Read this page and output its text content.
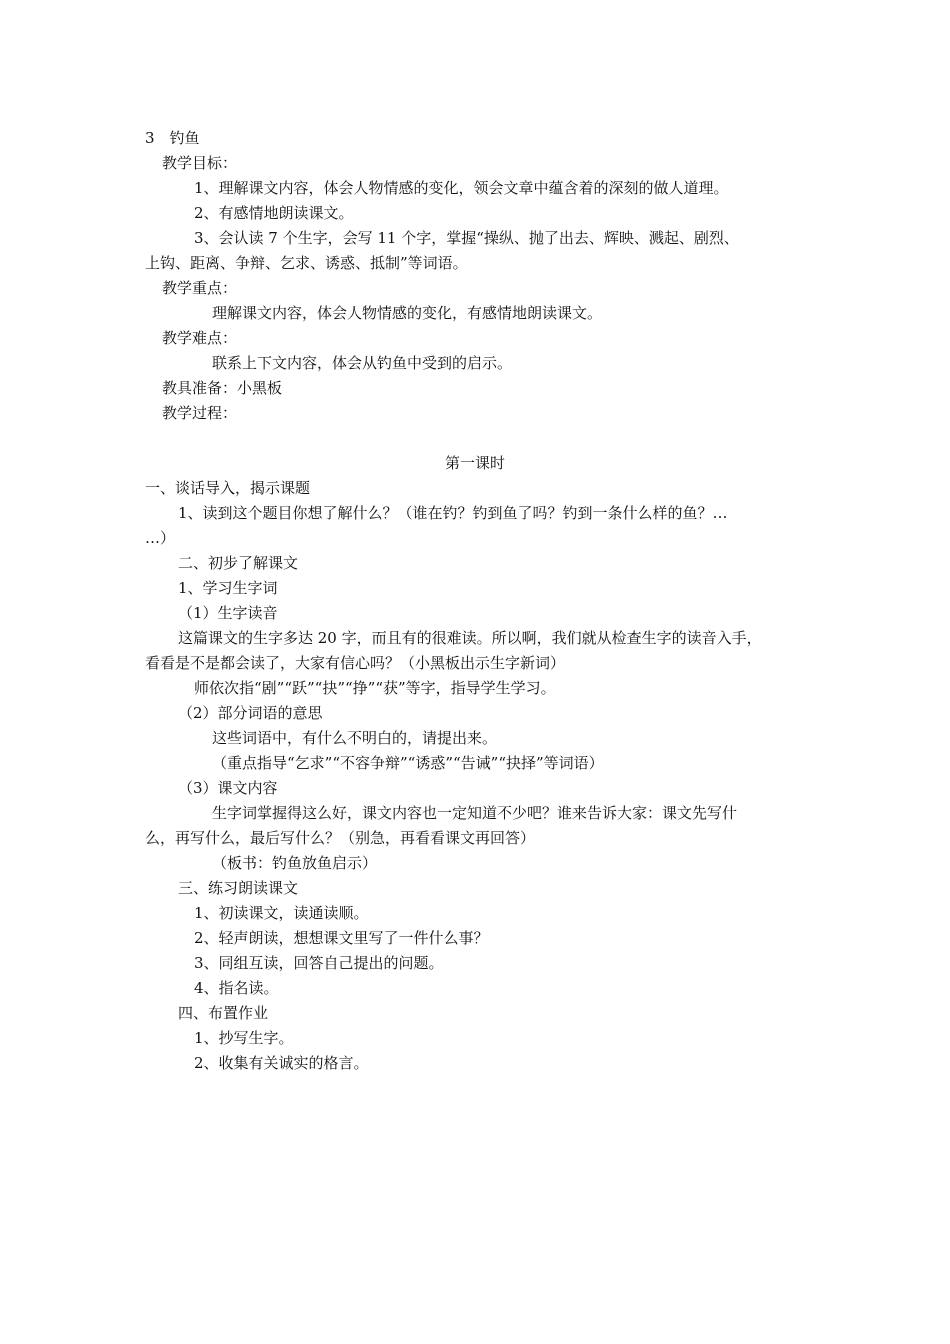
3　钓鱼
教学目标：
1、理解课文内容，体会人物情感的变化，领会文章中蕴含着的深刻的做人道理。
2、有感情地朗读课文。
3、会认读 7 个生字，会写 11 个字，掌握“操纵、抛了出去、辉映、溅起、剧烈、
上钩、距离、争辩、乞求、诱惑、抵制”等词语。
教学重点：
理解课文内容，体会人物情感的变化，有感情地朗读课文。
教学难点：
联系上下文内容，体会从钓鱼中受到的启示。
教具准备：小黑板
教学过程：
第一课时
一、谈话导入，揭示课题
1、读到这个题目你想了解什么？（谁在钓？钓到鱼了吗？钓到一条什么样的鱼？…
…）
二、初步了解课文
1、学习生字词
（1）生字读音
这篇课文的生字多达 20 字，而且有的很难读。所以啊，我们就从检查生字的读音入手，
看看是不是都会读了，大家有信心吗？（小黑板出示生字新词）
师依次指“剧”“跃”“抉”“挣”“获”等字，指导学生学习。
（2）部分词语的意思
这些词语中，有什么不明白的，请提出来。
（重点指导“乞求”“不容争辩”“诱惑”“告诫”“抉择”等词语）
（3）课文内容
生字词掌握得这么好，课文内容也一定知道不少吧？谁来告诉大家：课文先写什
么，再写什么，最后写什么？（别急，再看看课文再回答）
（板书：钓鱼放鱼启示）
三、练习朗读课文
1、初读课文，读通读顺。
2、轻声朗读，想想课文里写了一件什么事？
3、同组互读，回答自己提出的问题。
4、指名读。
四、布置作业
1、抄写生字。
2、收集有关诚实的格言。
